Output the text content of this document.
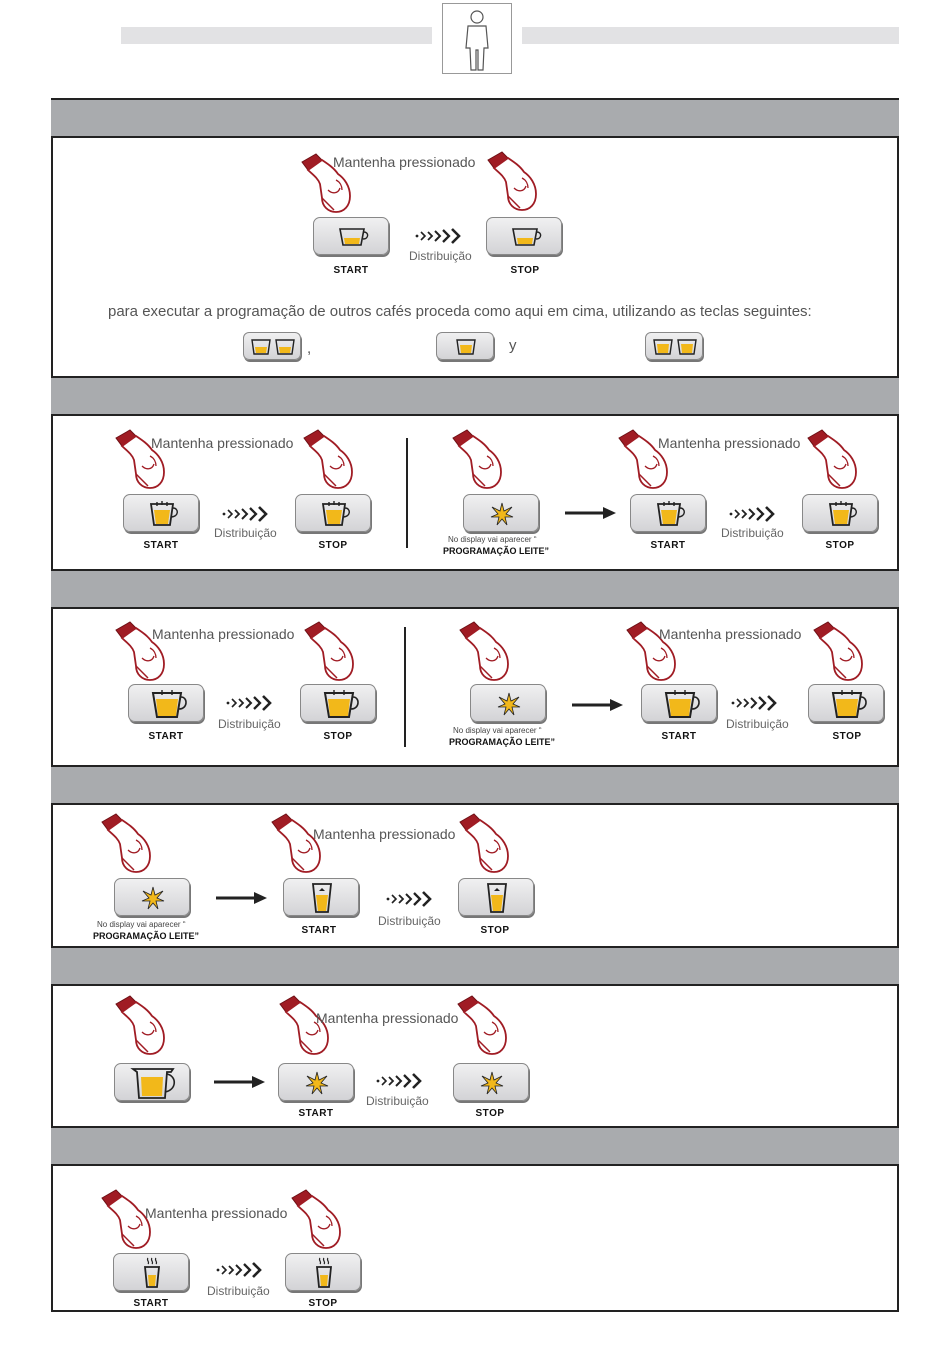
Mantenha pressionado
START
Distribuição
STOP
para executar a programação de outros cafés proceda como aqui em cima, utilizando as teclas seguintes:
,	y
Mantenha pressionado
START
Distribuição
STOP
No display vai aparecer “
PROGRAMAÇÃO LEITE”
Mantenha pressionado
START
Distribuição
STOP
Mantenha pressionado
START
Distribuição
STOP
No display vai aparecer “
PROGRAMAÇÃO LEITE”
Mantenha pressionado
START
Distribuição
STOP
No display vai aparecer “
PROGRAMAÇÃO LEITE”
Mantenha pressionado
START
Distribuição
STOP
Mantenha pressionado
START
Distribuição
STOP
Mantenha pressionado
START
Distribuição
STOP
